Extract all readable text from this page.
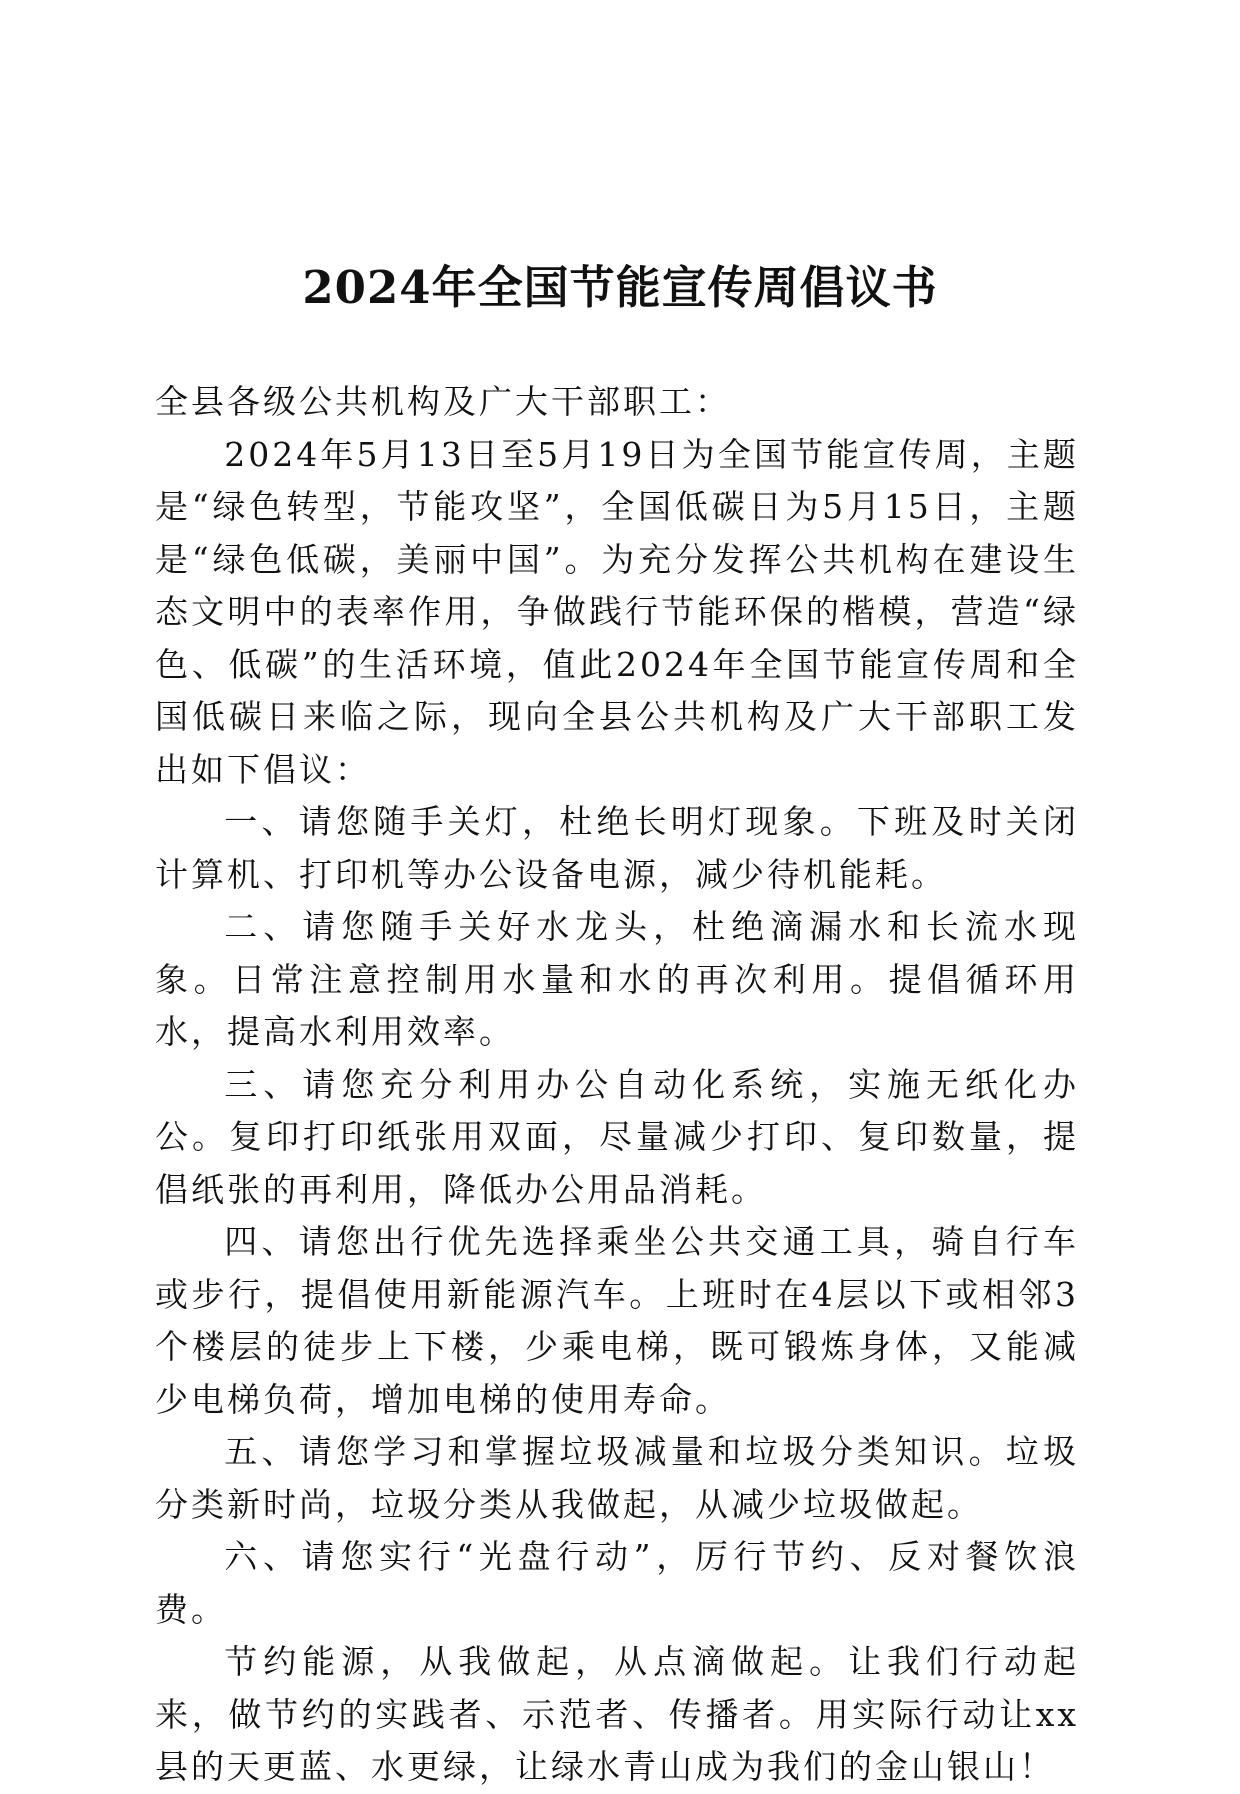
2024年全国节能宣传周倡议书

全县各级公共机构及广大干部职工：

2024年5月13日至5月19日为全国节能宣传周，主题是“绿色转型，节能攻坚”，全国低碳日为5月15日，主题是“绿色低碳，美丽中国”。为充分发挥公共机构在建设生态文明中的表率作用，争做践行节能环保的楷模，营造“绿色、低碳”的生活环境，值此2024年全国节能宣传周和全国低碳日来临之际，现向全县公共机构及广大干部职工发出如下倡议：

一、请您随手关灯，杜绝长明灯现象。下班及时关闭计算机、打印机等办公设备电源，减少待机能耗。

二、请您随手关好水龙头，杜绝滴漏水和长流水现象。日常注意控制用水量和水的再次利用。提倡循环用水，提高水利用效率。

三、请您充分利用办公自动化系统，实施无纸化办公。复印打印纸张用双面，尽量减少打印、复印数量，提倡纸张的再利用，降低办公用品消耗。

四、请您出行优先选择乘坐公共交通工具，骑自行车或步行，提倡使用新能源汽车。上班时在4层以下或相邻3个楼层的徒步上下楼，少乘电梯，既可锻炼身体，又能减少电梯负荷，增加电梯的使用寿命。

五、请您学习和掌握垃圾减量和垃圾分类知识。垃圾分类新时尚，垃圾分类从我做起，从减少垃圾做起。

六、请您实行“光盘行动”，厉行节约、反对餐饮浪费。

节约能源，从我做起，从点滴做起。让我们行动起来，做节约的实践者、示范者、传播者。用实际行动让xx县的天更蓝、水更绿，让绿水青山成为我们的金山银山！
